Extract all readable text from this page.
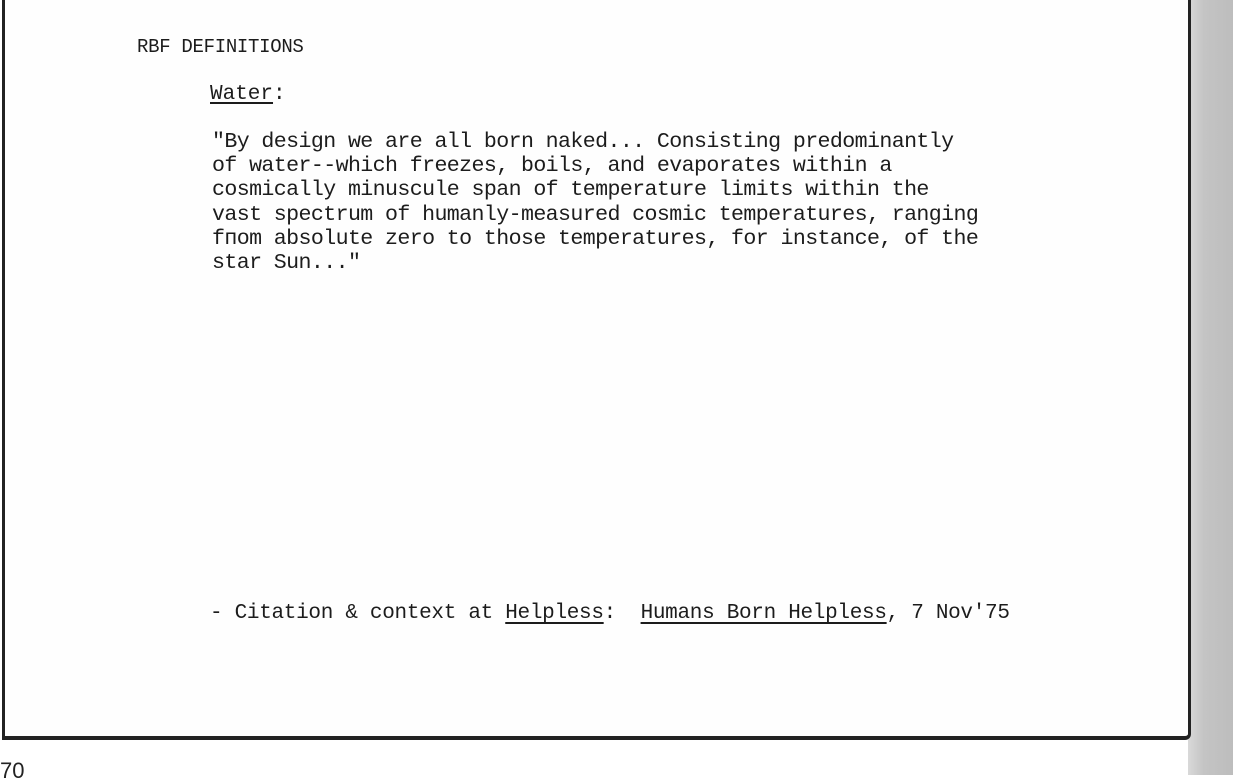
RBF DEFINITIONS
Water:
"By design we are all born naked... Consisting predominantly
of water--which freezes, boils, and evaporates within a
cosmically minuscule span of temperature limits within the
vast spectrum of humanly-measured cosmic temperatures, ranging
fпom absolute zero to those temperatures, for instance, of the
star Sun..."
- Citation & context at Helpless:  Humans Born Helpless, 7 Nov'75
70
